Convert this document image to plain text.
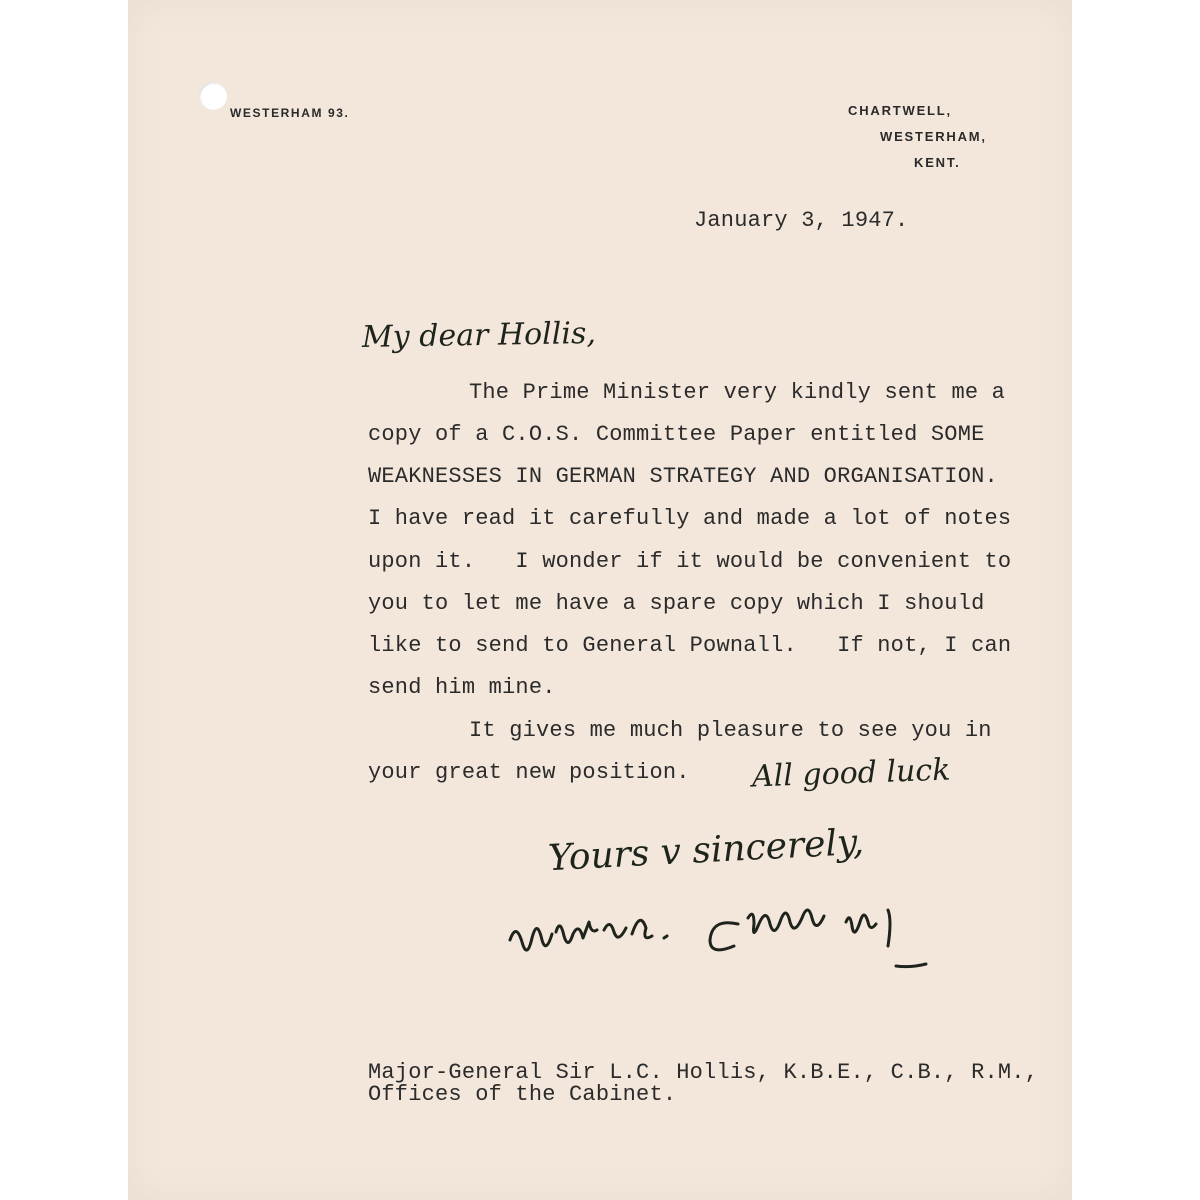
WESTERHAM 93.	CHARTWELL,
WESTERHAM,
KENT.
January 3, 1947.
My dear Hollis,
The Prime Minister very kindly sent me a
copy of a C.O.S. Committee Paper entitled SOME
WEAKNESSES IN GERMAN STRATEGY AND ORGANISATION.
I have read it carefully and made a lot of notes
upon it.   I wonder if it would be convenient to
you to let me have a spare copy which I should
like to send to General Pownall.   If not, I can
send him mine.
It gives me much pleasure to see you in
your great new position. All good luck
Yours v sincerely,
Major-General Sir L.C. Hollis, K.B.E., C.B., R.M.,
Offices of the Cabinet.
